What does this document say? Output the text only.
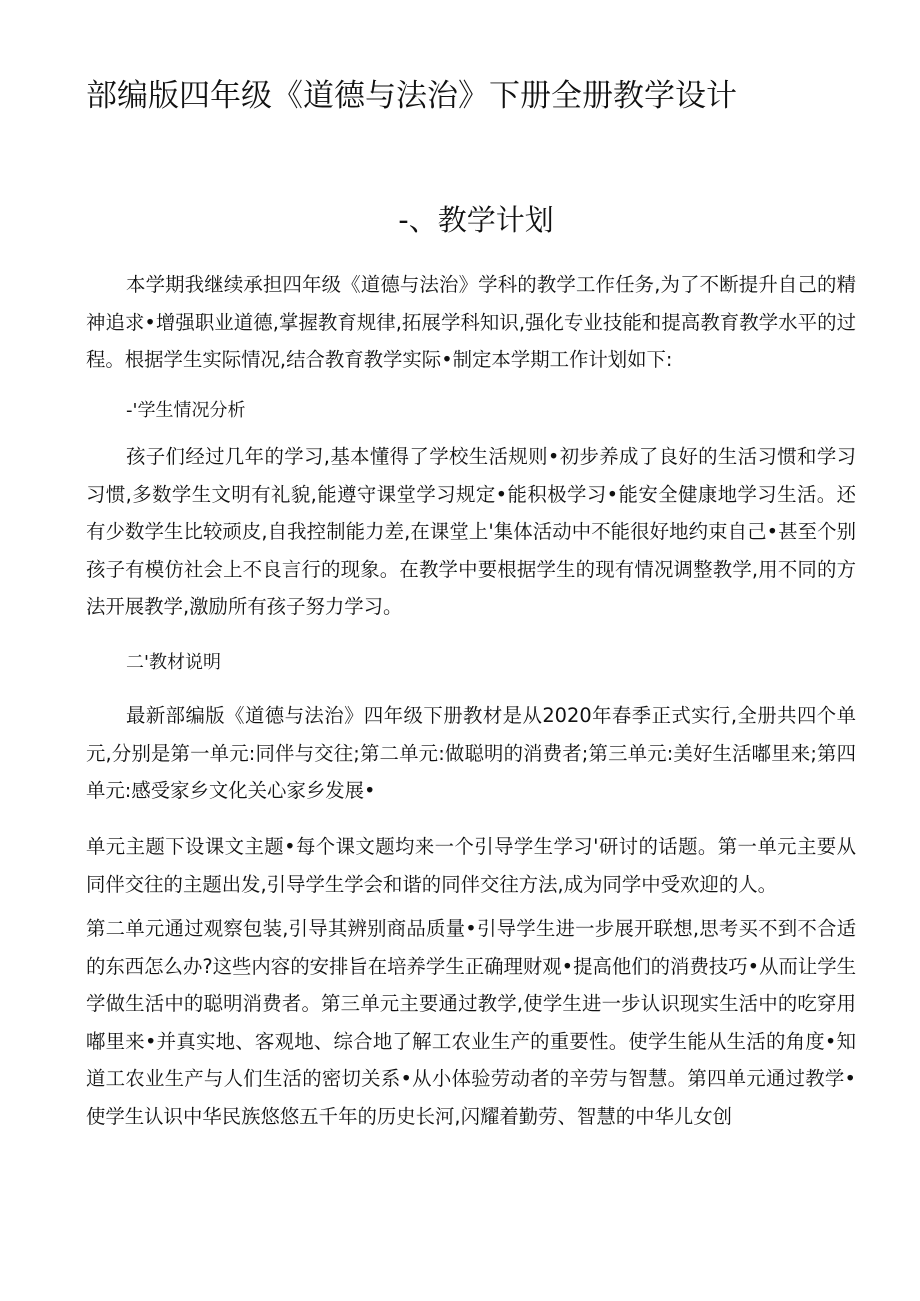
部编版四年级《道德与法治》下册全册教学设计
-、教学计划

本学期我继续承担四年级《道德与法治》学科的教学工作任务,为了不断提升自己的精神追求•增强职业道德,掌握教育规律,拓展学科知识,强化专业技能和提高教育教学水平的过程。根据学生实际情况,结合教育教学实际•制定本学期工作计划如下:

-'学生情况分析

孩子们经过几年的学习,基本懂得了学校生活规则•初步养成了良好的生活习惯和学习习惯,多数学生文明有礼貌,能遵守课堂学习规定•能积极学习•能安全健康地学习生活。还有少数学生比较顽皮,自我控制能力差,在课堂上'集体活动中不能很好地约束自己•甚至个别孩子有模仿社会上不良言行的现象。在教学中要根据学生的现有情况调整教学,用不同的方法开展教学,激励所有孩子努力学习。

二'教材说明

最新部编版《道德与法治》四年级下册教材是从2020年春季正式实行,全册共四个单元,分别是第一单元:同伴与交往;第二单元:做聪明的消费者;第三单元:美好生活嘟里来;第四单元:感受家乡文化关心家乡发展•

单元主题下设课文主题•每个课文题均来一个引导学生学习'研讨的话题。第一单元主要从同伴交往的主题出发,引导学生学会和谐的同伴交往方法,成为同学中受欢迎的人。

第二单元通过观察包装,引导其辨别商品质量•引导学生进一步展开联想,思考买不到不合适的东西怎么办?这些内容的安排旨在培养学生正确理财观•提高他们的消费技巧•从而让学生学做生活中的聪明消费者。第三单元主要通过教学,使学生进一步认识现实生活中的吃穿用嘟里来•并真实地、客观地、综合地了解工农业生产的重要性。使学生能从生活的角度•知道工农业生产与人们生活的密切关系•从小体验劳动者的辛劳与智慧。第四单元通过教学•使学生认识中华民族悠悠五千年的历史长河,闪耀着勤劳、智慧的中华儿女创
